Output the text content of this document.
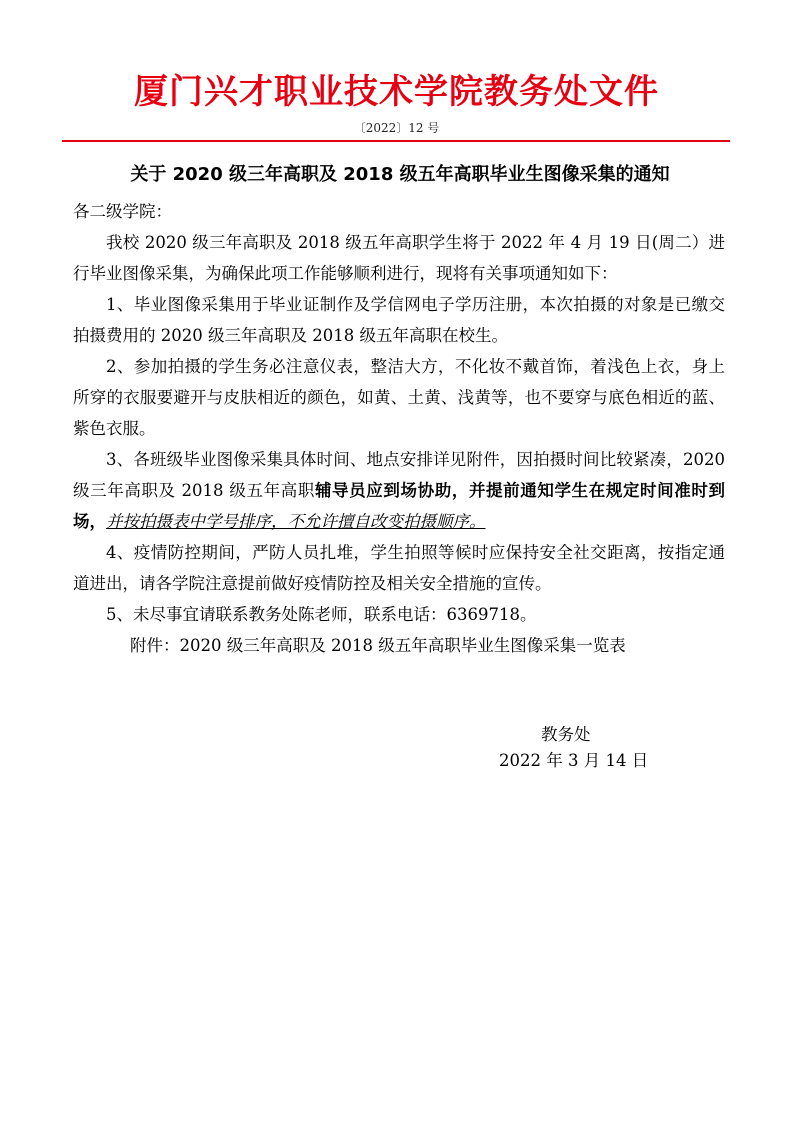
厦门兴才职业技术学院教务处文件
〔2022〕12 号
关于 2020 级三年高职及 2018 级五年高职毕业生图像采集的通知

各二级学院：

我校 2020 级三年高职及 2018 级五年高职学生将于 2022 年 4 月 19 日(周二）进行毕业图像采集，为确保此项工作能够顺利进行，现将有关事项通知如下：

1、毕业图像采集用于毕业证制作及学信网电子学历注册，本次拍摄的对象是已缴交拍摄费用的 2020 级三年高职及 2018 级五年高职在校生。

2、参加拍摄的学生务必注意仪表，整洁大方，不化妆不戴首饰，着浅色上衣，身上所穿的衣服要避开与皮肤相近的颜色，如黄、土黄、浅黄等，也不要穿与底色相近的蓝、紫色衣服。

3、各班级毕业图像采集具体时间、地点安排详见附件，因拍摄时间比较紧凑，2020 级三年高职及 2018 级五年高职辅导员应到场协助，并提前通知学生在规定时间准时到场，并按拍摄表中学号排序，不允许擅自改变拍摄顺序。

4、疫情防控期间，严防人员扎堆，学生拍照等候时应保持安全社交距离，按指定通道进出，请各学院注意提前做好疫情防控及相关安全措施的宣传。

5、未尽事宜请联系教务处陈老师，联系电话：6369718。

附件：2020 级三年高职及 2018 级五年高职毕业生图像采集一览表

教务处
2022 年 3 月 14 日
